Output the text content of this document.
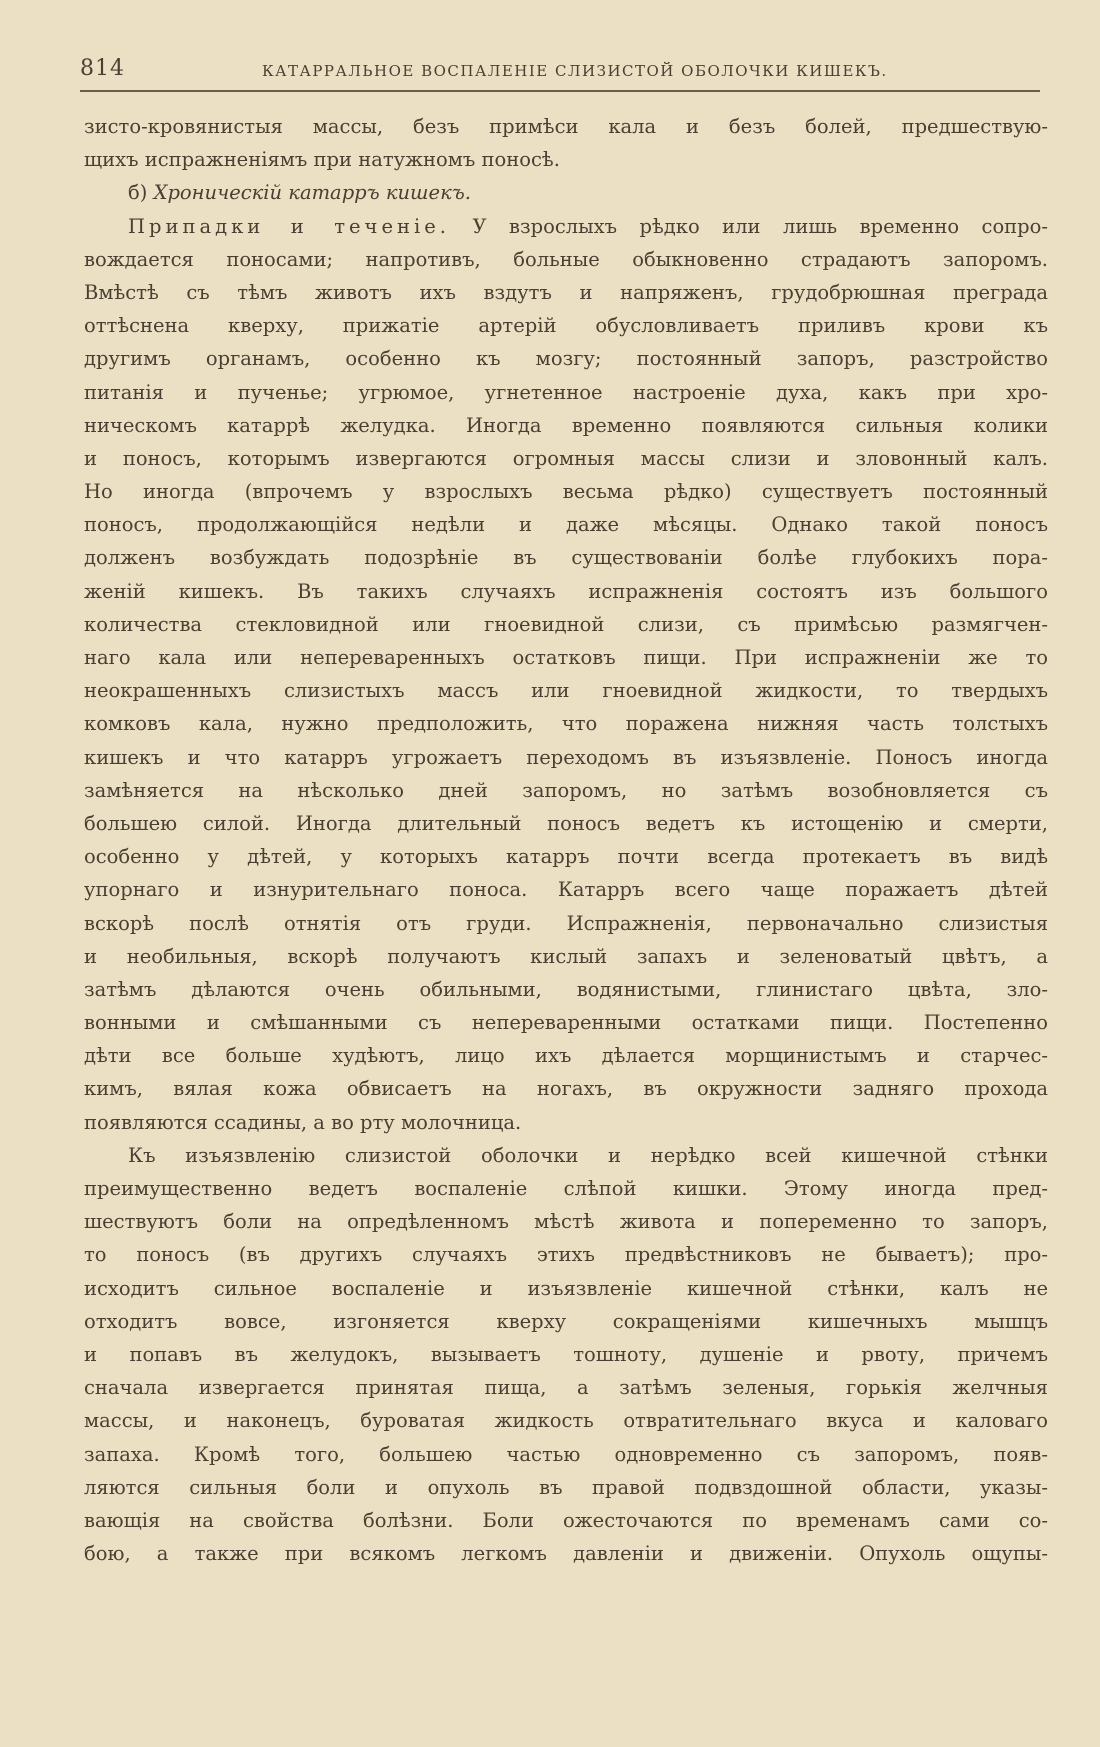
814	КАТАРРАЛЬНОЕ ВОСПАЛЕНІЕ СЛИЗИСТОЙ ОБОЛОЧКИ КИШЕКЪ.
зисто-кровянистыя массы, безъ примѣси кала и безъ болей, предшествую-
щихъ испражненіямъ при натужномъ поносѣ.
б) Хроническій катарръ кишекъ.
Припадки и теченіе. У взрослыхъ рѣдко или лишь временно сопро-
вождается поносами; напротивъ, больные обыкновенно страдаютъ запоромъ.
Вмѣстѣ съ тѣмъ животъ ихъ вздутъ и напряженъ, грудобрюшная преграда
оттѣснена кверху, прижатіе артерій обусловливаетъ приливъ крови къ
другимъ органамъ, особенно къ мозгу; постоянный запоръ, разстройство
питанія и пученье; угрюмое, угнетенное настроеніе духа, какъ при хро-
ническомъ катаррѣ желудка. Иногда временно появляются сильныя колики
и поносъ, которымъ извергаются огромныя массы слизи и зловонный калъ.
Но иногда (впрочемъ у взрослыхъ весьма рѣдко) существуетъ постоянный
поносъ, продолжающійся недѣли и даже мѣсяцы. Однако такой поносъ
долженъ возбуждать подозрѣніе въ существованіи болѣе глубокихъ пора-
женій кишекъ. Въ такихъ случаяхъ испражненія состоятъ изъ большого
количества стекловидной или гноевидной слизи, съ примѣсью размягчен-
наго кала или непереваренныхъ остатковъ пищи. При испражненіи же то
неокрашенныхъ слизистыхъ массъ или гноевидной жидкости, то твердыхъ
комковъ кала, нужно предположить, что поражена нижняя часть толстыхъ
кишекъ и что катарръ угрожаетъ переходомъ въ изъязвленіе. Поносъ иногда
замѣняется на нѣсколько дней запоромъ, но затѣмъ возобновляется съ
большею силой. Иногда длительный поносъ ведетъ къ истощенію и смерти,
особенно у дѣтей, у которыхъ катарръ почти всегда протекаетъ въ видѣ
упорнаго и изнурительнаго поноса. Катарръ всего чаще поражаетъ дѣтей
вскорѣ послѣ отнятія отъ груди. Испражненія, первоначально слизистыя
и необильныя, вскорѣ получаютъ кислый запахъ и зеленоватый цвѣтъ, а
затѣмъ дѣлаются очень обильными, водянистыми, глинистаго цвѣта, зло-
вонными и смѣшанными съ непереваренными остатками пищи. Постепенно
дѣти все больше худѣютъ, лицо ихъ дѣлается морщинистымъ и старчес-
кимъ, вялая кожа обвисаетъ на ногахъ, въ окружности задняго прохода
появляются ссадины, а во рту молочница.
Къ изъязвленію слизистой оболочки и нерѣдко всей кишечной стѣнки
преимущественно ведетъ воспаленіе слѣпой кишки. Этому иногда пред-
шествуютъ боли на опредѣленномъ мѣстѣ живота и попеременно то запоръ,
то поносъ (въ другихъ случаяхъ этихъ предвѣстниковъ не бываетъ); про-
исходитъ сильное воспаленіе и изъязвленіе кишечной стѣнки, калъ не
отходитъ вовсе, изгоняется кверху сокращеніями кишечныхъ мышцъ
и попавъ въ желудокъ, вызываетъ тошноту, душеніе и рвоту, причемъ
сначала извергается принятая пища, а затѣмъ зеленыя, горькія желчныя
массы, и наконецъ, буроватая жидкость отвратительнаго вкуса и каловаго
запаха. Кромѣ того, большею частью одновременно съ запоромъ, появ-
ляются сильныя боли и опухоль въ правой подвздошной области, указы-
вающія на свойства болѣзни. Боли ожесточаются по временамъ сами со-
бою, а также при всякомъ легкомъ давленіи и движеніи. Опухоль ощупы-
